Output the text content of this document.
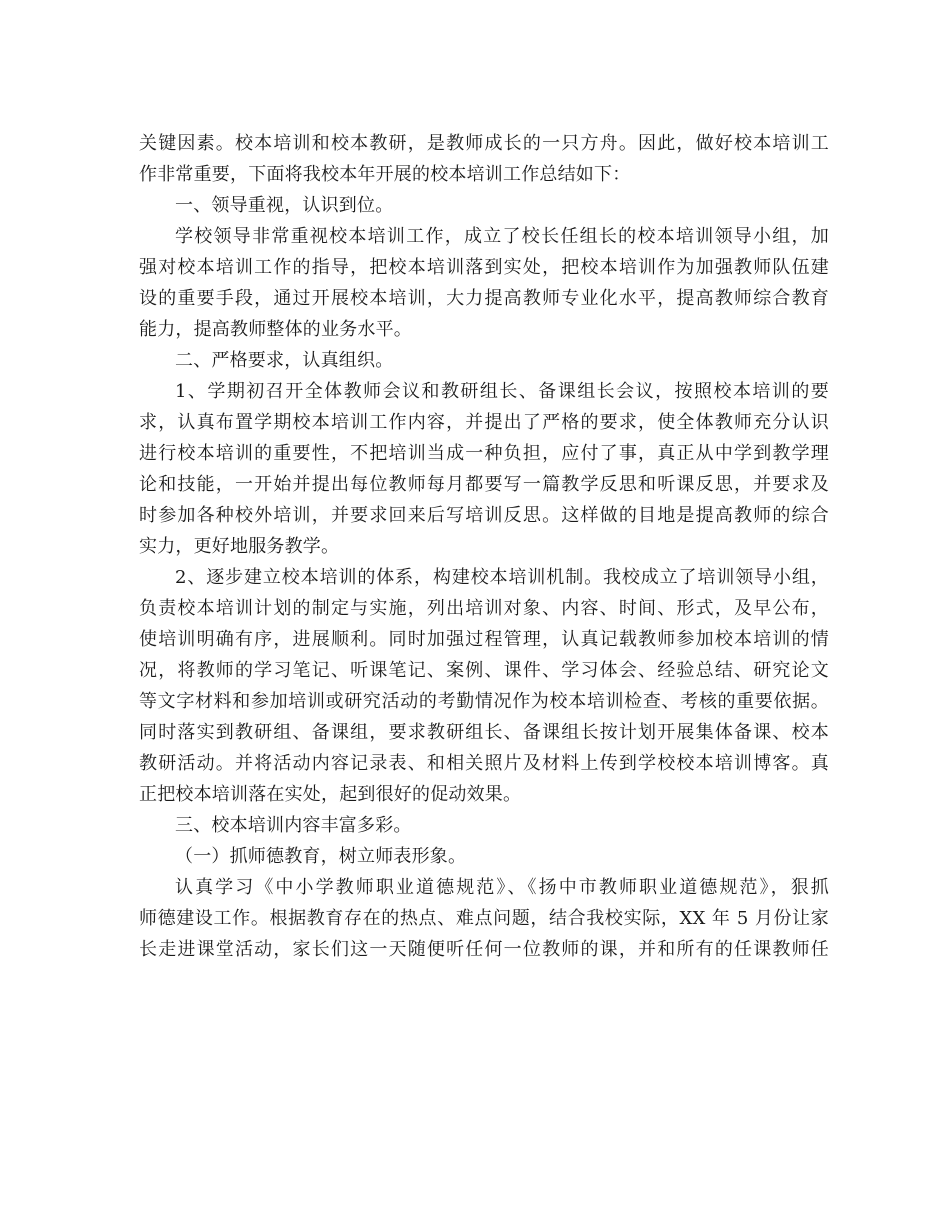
关键因素。校本培训和校本教研，是教师成长的一只方舟。因此，做好校本培训工
作非常重要，下面将我校本年开展的校本培训工作总结如下：
一、领导重视，认识到位。
学校领导非常重视校本培训工作，成立了校长任组长的校本培训领导小组，加
强对校本培训工作的指导，把校本培训落到实处，把校本培训作为加强教师队伍建
设的重要手段，通过开展校本培训，大力提高教师专业化水平，提高教师综合教育
能力，提高教师整体的业务水平。
二、严格要求，认真组织。
1、学期初召开全体教师会议和教研组长、备课组长会议，按照校本培训的要
求，认真布置学期校本培训工作内容，并提出了严格的要求，使全体教师充分认识
进行校本培训的重要性，不把培训当成一种负担，应付了事，真正从中学到教学理
论和技能，一开始并提出每位教师每月都要写一篇教学反思和听课反思，并要求及
时参加各种校外培训，并要求回来后写培训反思。这样做的目地是提高教师的综合
实力，更好地服务教学。
2、逐步建立校本培训的体系，构建校本培训机制。我校成立了培训领导小组，
负责校本培训计划的制定与实施，列出培训对象、内容、时间、形式，及早公布，
使培训明确有序，进展顺利。同时加强过程管理，认真记载教师参加校本培训的情
况，将教师的学习笔记、听课笔记、案例、课件、学习体会、经验总结、研究论文
等文字材料和参加培训或研究活动的考勤情况作为校本培训检查、考核的重要依据。
同时落实到教研组、备课组，要求教研组长、备课组长按计划开展集体备课、校本
教研活动。并将活动内容记录表、和相关照片及材料上传到学校校本培训博客。真
正把校本培训落在实处，起到很好的促动效果。
三、校本培训内容丰富多彩。
（一）抓师德教育，树立师表形象。
认真学习《中小学教师职业道德规范》、《扬中市教师职业道德规范》，狠抓
师德建设工作。根据教育存在的热点、难点问题，结合我校实际，XX 年 5 月份让家
长走进课堂活动，家长们这一天随便听任何一位教师的课，并和所有的任课教师任
